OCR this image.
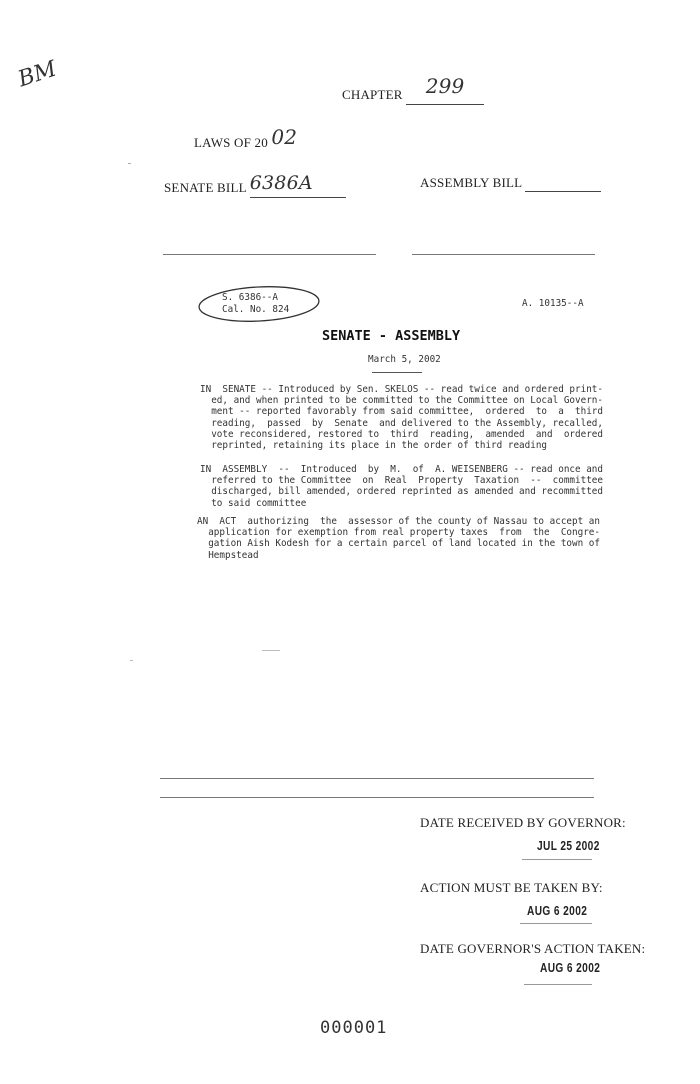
BM
CHAPTER 299
LAWS OF 20 02
SENATE BILL 6386A	ASSEMBLY BILL
S. 6386--A
Cal. No. 824
A. 10135--A
SENATE - ASSEMBLY
March 5, 2002
IN  SENATE -- Introduced by Sen. SKELOS -- read twice and ordered print-
ed, and when printed to be committed to the Committee on Local Govern-
ment -- reported favorably from said committee,  ordered  to  a  third
reading,  passed  by  Senate  and delivered to the Assembly, recalled,
vote reconsidered, restored to  third  reading,  amended  and  ordered
reprinted, retaining its place in the order of third reading
IN  ASSEMBLY  --  Introduced  by  M.  of  A. WEISENBERG -- read once and
referred to the Committee  on  Real  Property  Taxation  --  committee
discharged, bill amended, ordered reprinted as amended and recommitted
to said committee
AN  ACT  authorizing  the  assessor of the county of Nassau to accept an
application for exemption from real property taxes  from  the  Congre-
gation Aish Kodesh for a certain parcel of land located in the town of
Hempstead
DATE RECEIVED BY GOVERNOR:
JUL 25 2002
ACTION MUST BE TAKEN BY:
AUG 6 2002
DATE GOVERNOR'S ACTION TAKEN:
AUG 6 2002
000001
